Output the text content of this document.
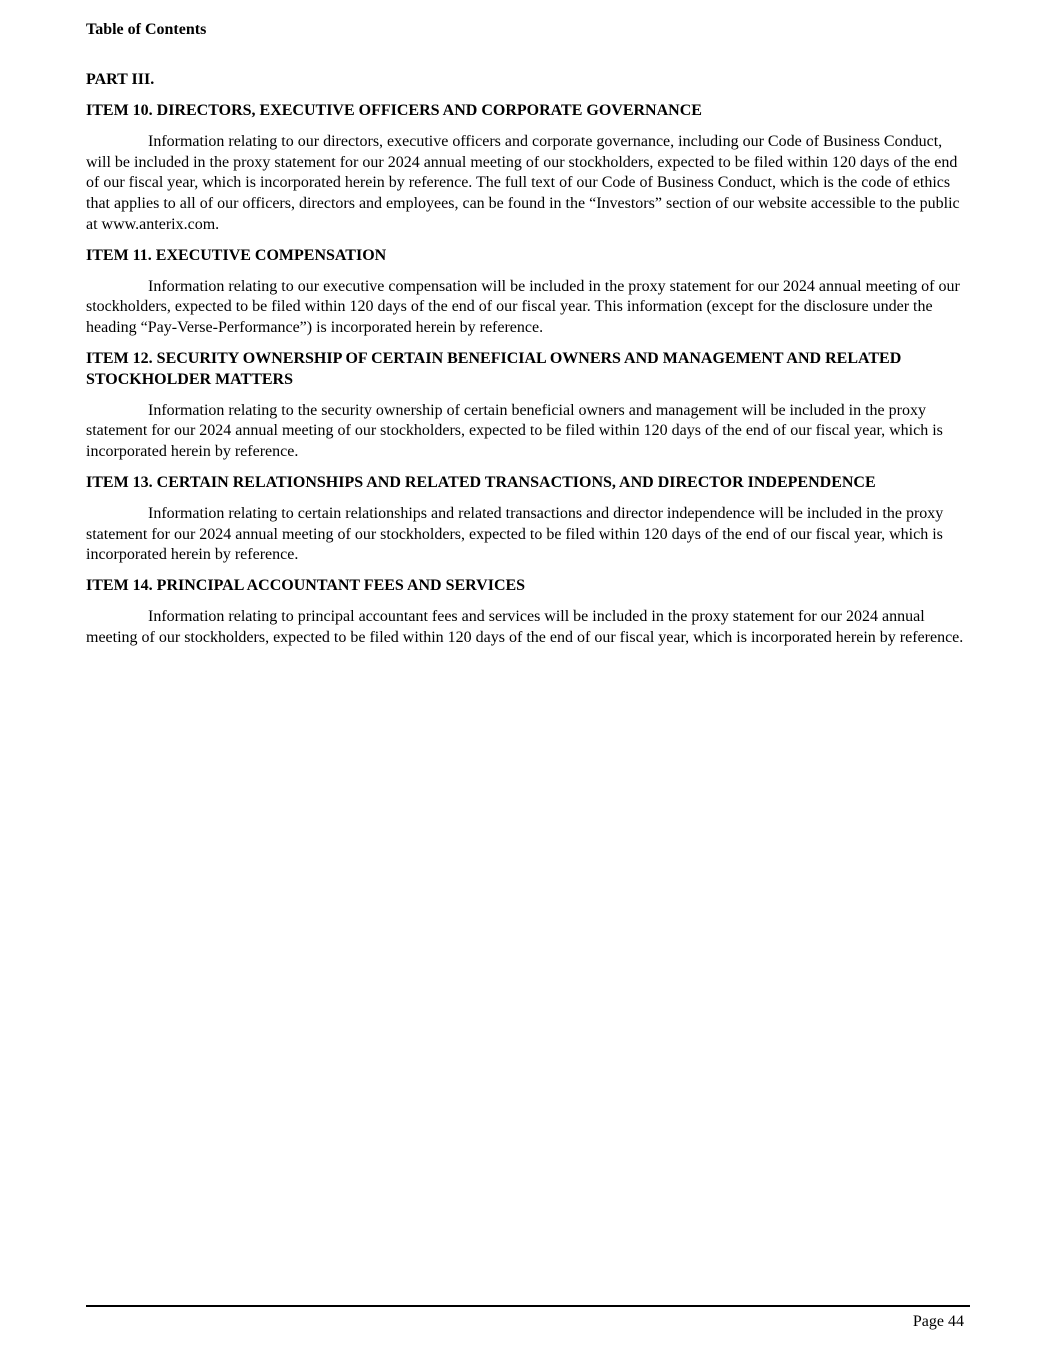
Table of Contents
PART III.
ITEM 10. DIRECTORS, EXECUTIVE OFFICERS AND CORPORATE GOVERNANCE

Information relating to our directors, executive officers and corporate governance, including our Code of Business Conduct, will be included in the proxy statement for our 2024 annual meeting of our stockholders, expected to be filed within 120 days of the end of our fiscal year, which is incorporated herein by reference. The full text of our Code of Business Conduct, which is the code of ethics that applies to all of our officers, directors and employees, can be found in the “Investors” section of our website accessible to the public at www.anterix.com.

ITEM 11. EXECUTIVE COMPENSATION

Information relating to our executive compensation will be included in the proxy statement for our 2024 annual meeting of our stockholders, expected to be filed within 120 days of the end of our fiscal year. This information (except for the disclosure under the heading “Pay-Verse-Performance”) is incorporated herein by reference.

ITEM 12. SECURITY OWNERSHIP OF CERTAIN BENEFICIAL OWNERS AND MANAGEMENT AND RELATED STOCKHOLDER MATTERS

Information relating to the security ownership of certain beneficial owners and management will be included in the proxy statement for our 2024 annual meeting of our stockholders, expected to be filed within 120 days of the end of our fiscal year, which is incorporated herein by reference.

ITEM 13. CERTAIN RELATIONSHIPS AND RELATED TRANSACTIONS, AND DIRECTOR INDEPENDENCE

Information relating to certain relationships and related transactions and director independence will be included in the proxy statement for our 2024 annual meeting of our stockholders, expected to be filed within 120 days of the end of our fiscal year, which is incorporated herein by reference.

ITEM 14. PRINCIPAL ACCOUNTANT FEES AND SERVICES

Information relating to principal accountant fees and services will be included in the proxy statement for our 2024 annual meeting of our stockholders, expected to be filed within 120 days of the end of our fiscal year, which is incorporated herein by reference.

Page 44
